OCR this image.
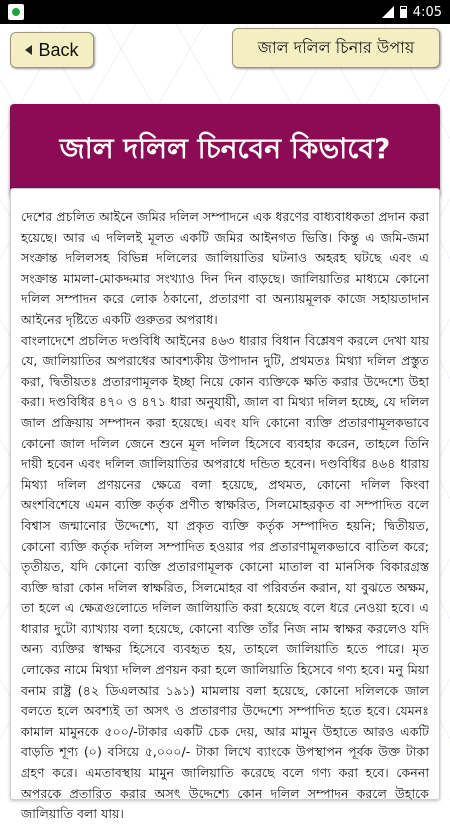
4:05
Back	জাল দলিল চিনার উপায়
জাল দলিল চিনবেন কিভাবে?

দেশের প্রচলিত আইনে জমির দলিল সম্পাদনে এক ধরণের বাধ্যবাধকতা প্রদান করা হয়েছে। আর এ দলিলই মূলত একটি জমির আইনগত ভিত্তি। কিন্তু এ জমি-জমা সংক্রান্ত দলিলসহ বিভিন্ন দলিলের জালিয়াতির ঘটনাও অহরহ ঘটছে এবং এ সংক্রান্ত মামলা-মোকদ্দমার সংখ্যাও দিন দিন বাড়ছে। জালিয়াতির মাধ্যমে কোনো দলিল সম্পাদন করে লোক ঠকানো, প্রতারণা বা অন্যায়মূলক কাজে সহায়তাদান আইনের দৃষ্টিতে একটি গুরুতর অপরাধ।

বাংলাদেশে প্রচলিত দণ্ডবিধি আইনের ৪৬৩ ধারার বিধান বিশ্লেষণ করলে দেখা যায় যে, জালিয়াতির অপরাধের আবশ্যকীয় উপাদান দুটি, প্রথমতঃ মিথ্যা দলিল প্রস্তুত করা, দ্বিতীয়তঃ প্রতারণামূলক ইচ্ছা নিয়ে কোন ব্যক্তিকে ক্ষতি করার উদ্দেশ্যে উহা করা। দণ্ডবিধির ৪৭০ ও ৪৭১ ধারা অনুযায়ী, জাল বা মিথ্যা দলিল হচ্ছে, যে দলিল জাল প্রক্রিয়ায় সম্পাদন করা হয়েছে। এবং যদি কোনো ব্যক্তি প্রতারণামূলকভাবে কোনো জাল দলিল জেনে শুনে মূল দলিল হিসেবে ব্যবহার করেন, তাহলে তিনি দায়ী হবেন এবং দলিল জালিয়াতির অপরাধে দন্ডিত হবেন। দণ্ডবিধির ৪৬৪ ধারায় মিথ্যা দলিল প্রণয়নের ক্ষেত্রে বলা হয়েছে, প্রথমত, কোনো দলিল কিংবা অংশবিশেষে এমন ব্যক্তি কর্তৃক প্রণীত স্বাক্ষরিত, সিলমোহরকৃত বা সম্পাদিত বলে বিশ্বাস জন্মানোর উদ্দেশ্যে, যা প্রকৃত ব্যক্তি কর্তৃক সম্পাদিত হয়নি; দ্বিতীয়ত, কোনো ব্যক্তি কর্তৃক দলিল সম্পাদিত হওয়ার পর প্রতারণামূলকভাবে বাতিল করে; তৃতীয়ত, যদি কোনো ব্যক্তি প্রতারণামূলক কোনো মাতাল বা মানসিক বিকারগ্রস্ত ব্যক্তি দ্বারা কোন দলিল স্বাক্ষরিত, সিলমোহর বা পরিবর্তন করান, যা বুঝতে অক্ষম, তা হলে এ ক্ষেত্রগুলোতে দলিল জালিয়াতি করা হয়েছে বলে ধরে নেওয়া হবে। এ ধারার দুটো ব্যাখ্যায় বলা হয়েছে, কোনো ব্যক্তি তাঁর নিজ নাম স্বাক্ষর করলেও যদি অন্য ব্যক্তির স্বাক্ষর হিসেবে ব্যবহৃত হয়, তাহলে জালিয়াতি হতে পারে। মৃত লোকের নামে মিথ্যা দলিল প্রণয়ন করা হলে জালিয়াতি হিসেবে গণ্য হবে। মনু মিয়া বনাম রাষ্ট্র (৪২ ডিএলআর ১৯১) মামলায় বলা হয়েছে, কোনো দলিলকে জাল বলতে হলে অবশ্যই তা অসৎ ও প্রতারণার উদ্দেশ্যে সম্পাদিত হতে হবে। যেমনঃ কামাল মামুনকে ৫০০/-টাকার একটি চেক দেয়, আর মামুন উহাতে আরও একটি বাড়তি শূণ্য (০) বসিয়ে ৫,০০০/- টাকা লিখে ব্যাংকে উপস্থাপন পূর্বক উক্ত টাকা গ্রহণ করে। এমতাবস্থায় মামুন জালিয়াতি করেছে বলে গণ্য করা হবে। কেননা অপরকে প্রতারিত করার অসৎ উদ্দেশ্যে কোন দলিল সম্পাদন করলে উহাকে জালিয়াতি বলা যায়।
